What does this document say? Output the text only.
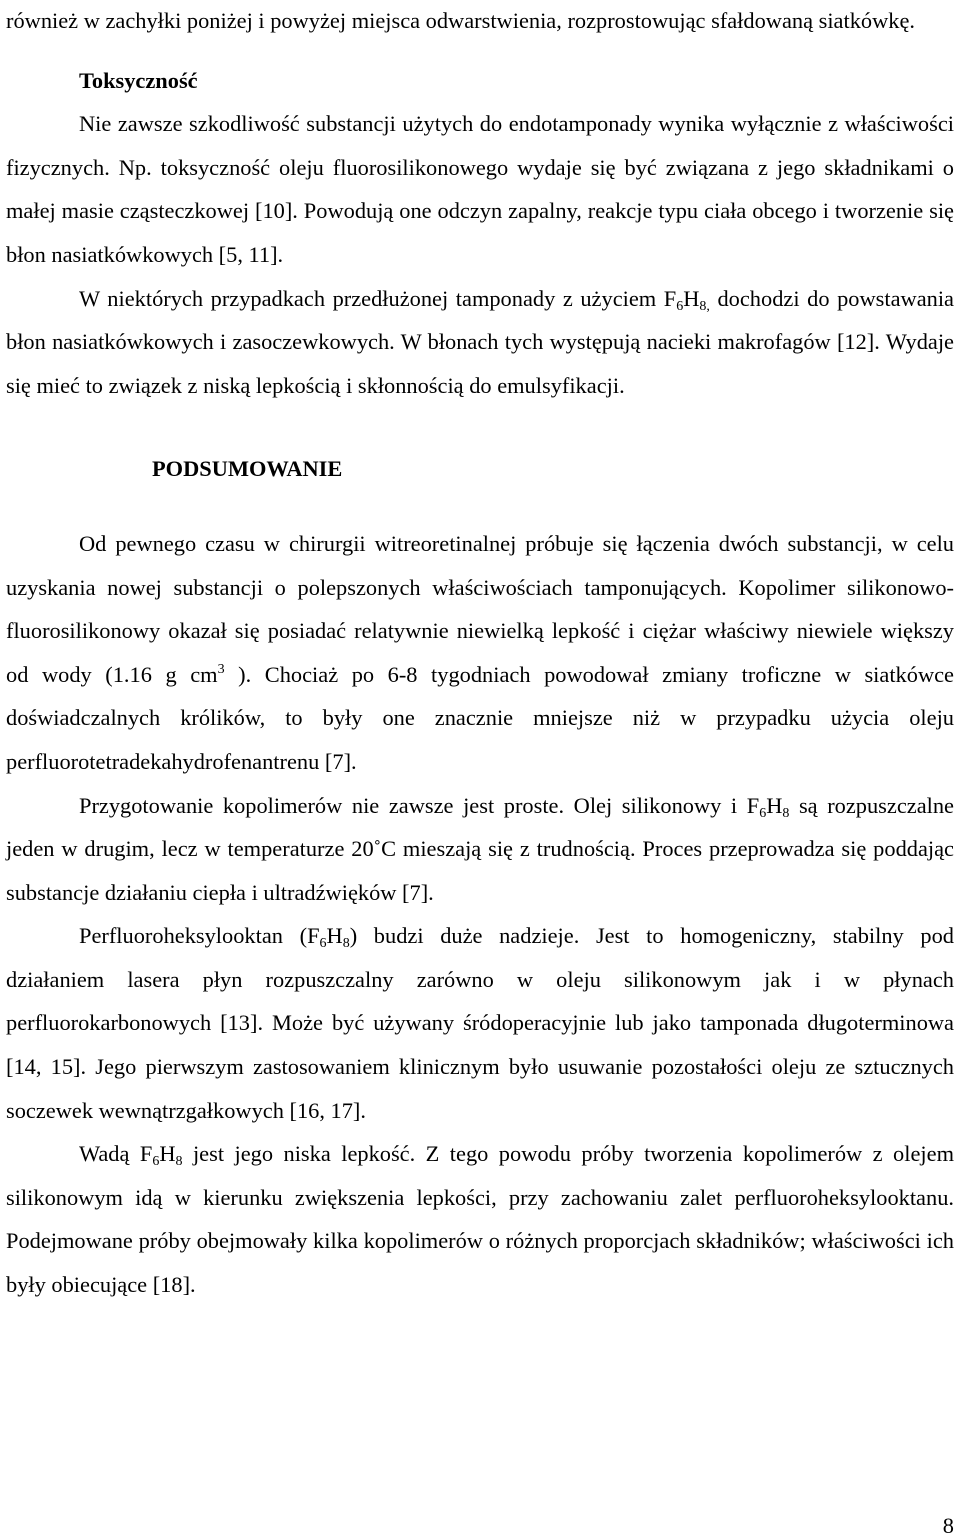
również w zachyłki poniżej i powyżej miejsca odwarstwienia, rozprostowując sfałdowaną siatkówkę.

Toksyczność

Nie zawsze szkodliwość substancji użytych do endotamponady wynika wyłącznie z właściwości fizycznych. Np. toksyczność oleju fluorosilikonowego wydaje się być związana z jego składnikami o małej masie cząsteczkowej [10]. Powodują one odczyn zapalny, reakcje typu ciała obcego i tworzenie się błon nasiatkówkowych [5, 11].

W niektórych przypadkach przedłużonej tamponady z użyciem $F_6H_{8,}$ dochodzi do powstawania błon nasiatkówkowych i zasoczewkowych. W błonach tych występują nacieki makrofagów [12]. Wydaje się mieć to związek z niską lepkością i skłonnością do emulsyfikacji.

PODSUMOWANIE

Od pewnego czasu w chirurgii witreoretinalnej próbuje się łączenia dwóch substancji, w celu uzyskania nowej substancji o polepszonych właściwościach tamponujących. Kopolimer silikonowo-fluorosilikonowy okazał się posiadać relatywnie niewielką lepkość i ciężar właściwy niewiele większy od wody (1.16 g $cm^3$ ). Chociaż po 6-8 tygodniach powodował zmiany troficzne w siatkówce doświadczalnych królików, to były one znacznie mniejsze niż w przypadku użycia oleju perfluorotetradekahydrofenantrenu [7].

Przygotowanie kopolimerów nie zawsze jest proste. Olej silikonowy i $F_6H_8$ są rozpuszczalne jeden w drugim, lecz w temperaturze 20˚C mieszają się z trudnością. Proces przeprowadza się poddając substancje działaniu ciepła i ultradźwięków [7].

Perfluoroheksylooktan $(F_6H_8)$ budzi duże nadzieje. Jest to homogeniczny, stabilny pod działaniem lasera płyn rozpuszczalny zarówno w oleju silikonowym jak i w płynach perfluorokarbonowych [13]. Może być używany śródoperacyjnie lub jako tamponada długoterminowa [14, 15]. Jego pierwszym zastosowaniem klinicznym było usuwanie pozostałości oleju ze sztucznych soczewek wewnątrzgałkowych [16, 17].

Wadą $F_6H_8$ jest jego niska lepkość. Z tego powodu próby tworzenia kopolimerów z olejem silikonowym idą w kierunku zwiększenia lepkości, przy zachowaniu zalet perfluoroheksylooktanu. Podejmowane próby obejmowały kilka kopolimerów o różnych proporcjach składników; właściwości ich były obiecujące [18].

8
